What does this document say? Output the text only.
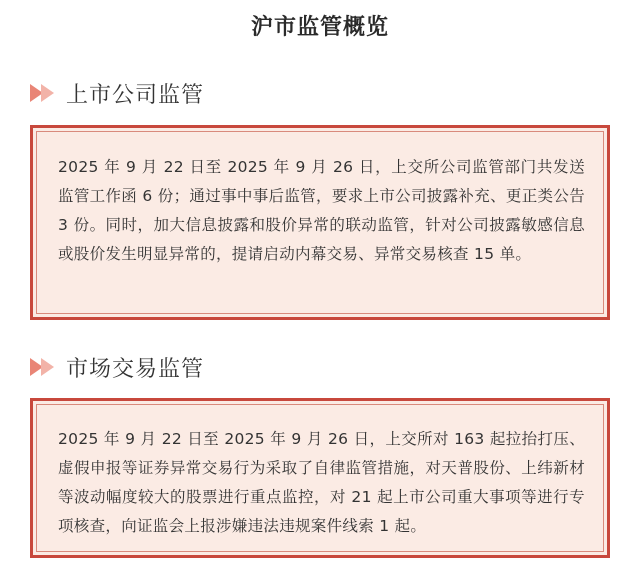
沪市监管概览
上市公司监管
2025 年 9 月 22 日至 2025 年 9 月 26 日，上交所公司监管部门共发送监管工作函 6 份；通过事中事后监管，要求上市公司披露补充、更正类公告 3 份。同时，加大信息披露和股价异常的联动监管，针对公司披露敏感信息或股价发生明显异常的，提请启动内幕交易、异常交易核查 15 单。
市场交易监管
2025 年 9 月 22 日至 2025 年 9 月 26 日，上交所对 163 起拉抬打压、虚假申报等证券异常交易行为采取了自律监管措施，对天普股份、上纬新材等波动幅度较大的股票进行重点监控，对 21 起上市公司重大事项等进行专项核查，向证监会上报涉嫌违法违规案件线索 1 起。
